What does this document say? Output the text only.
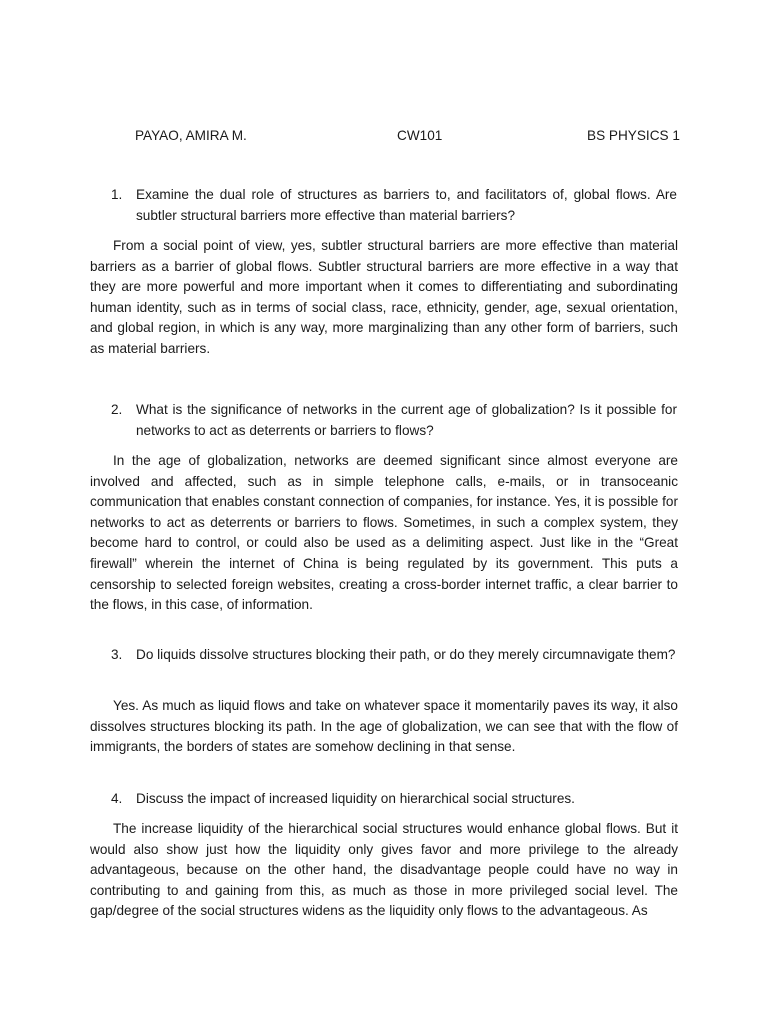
PAYAO, AMIRA M.	CW101	BS PHYSICS 1
1. Examine the dual role of structures as barriers to, and facilitators of, global flows. Are subtler structural barriers more effective than material barriers?

From a social point of view, yes, subtler structural barriers are more effective than material barriers as a barrier of global flows. Subtler structural barriers are more effective in a way that they are more powerful and more important when it comes to differentiating and subordinating human identity, such as in terms of social class, race, ethnicity, gender, age, sexual orientation, and global region, in which is any way, more marginalizing than any other form of barriers, such as material barriers.

2. What is the significance of networks in the current age of globalization? Is it possible for networks to act as deterrents or barriers to flows?

In the age of globalization, networks are deemed significant since almost everyone are involved and affected, such as in simple telephone calls, e-mails, or in transoceanic communication that enables constant connection of companies, for instance. Yes, it is possible for networks to act as deterrents or barriers to flows. Sometimes, in such a complex system, they become hard to control, or could also be used as a delimiting aspect. Just like in the “Great firewall” wherein the internet of China is being regulated by its government. This puts a censorship to selected foreign websites, creating a cross-border internet traffic, a clear barrier to the flows, in this case, of information.

3. Do liquids dissolve structures blocking their path, or do they merely circumnavigate them?

Yes. As much as liquid flows and take on whatever space it momentarily paves its way, it also dissolves structures blocking its path. In the age of globalization, we can see that with the flow of immigrants, the borders of states are somehow declining in that sense.

4. Discuss the impact of increased liquidity on hierarchical social structures.

The increase liquidity of the hierarchical social structures would enhance global flows. But it would also show just how the liquidity only gives favor and more privilege to the already advantageous, because on the other hand, the disadvantage people could have no way in contributing to and gaining from this, as much as those in more privileged social level. The gap/degree of the social structures widens as the liquidity only flows to the advantageous. As
